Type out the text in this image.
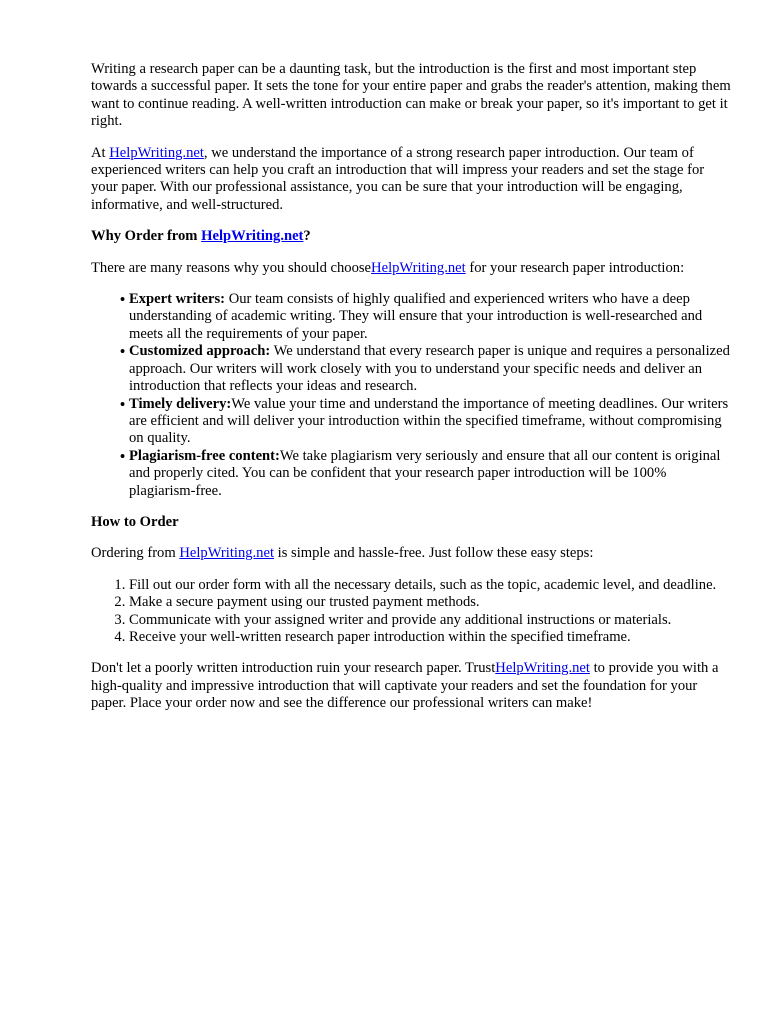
Writing a research paper can be a daunting task, but the introduction is the first and most important step towards a successful paper. It sets the tone for your entire paper and grabs the reader's attention, making them want to continue reading. A well-written introduction can make or break your paper, so it's important to get it right.

At HelpWriting.net, we understand the importance of a strong research paper introduction. Our team of experienced writers can help you craft an introduction that will impress your readers and set the stage for your paper. With our professional assistance, you can be sure that your introduction will be engaging, informative, and well-structured.

Why Order from HelpWriting.net?

There are many reasons why you should chooseHelpWriting.net for your research paper introduction:

• Expert writers: Our team consists of highly qualified and experienced writers who have a deep understanding of academic writing. They will ensure that your introduction is well-researched and meets all the requirements of your paper.
• Customized approach: We understand that every research paper is unique and requires a personalized approach. Our writers will work closely with you to understand your specific needs and deliver an introduction that reflects your ideas and research.
• Timely delivery:We value your time and understand the importance of meeting deadlines. Our writers are efficient and will deliver your introduction within the specified timeframe, without compromising on quality.
• Plagiarism-free content:We take plagiarism very seriously and ensure that all our content is original and properly cited. You can be confident that your research paper introduction will be 100% plagiarism-free.
How to Order

Ordering from HelpWriting.net is simple and hassle-free. Just follow these easy steps:

1. Fill out our order form with all the necessary details, such as the topic, academic level, and deadline.
2. Make a secure payment using our trusted payment methods.
3. Communicate with your assigned writer and provide any additional instructions or materials.
4. Receive your well-written research paper introduction within the specified timeframe.

Don't let a poorly written introduction ruin your research paper. TrustHelpWriting.net to provide you with a high-quality and impressive introduction that will captivate your readers and set the foundation for your paper. Place your order now and see the difference our professional writers can make!
